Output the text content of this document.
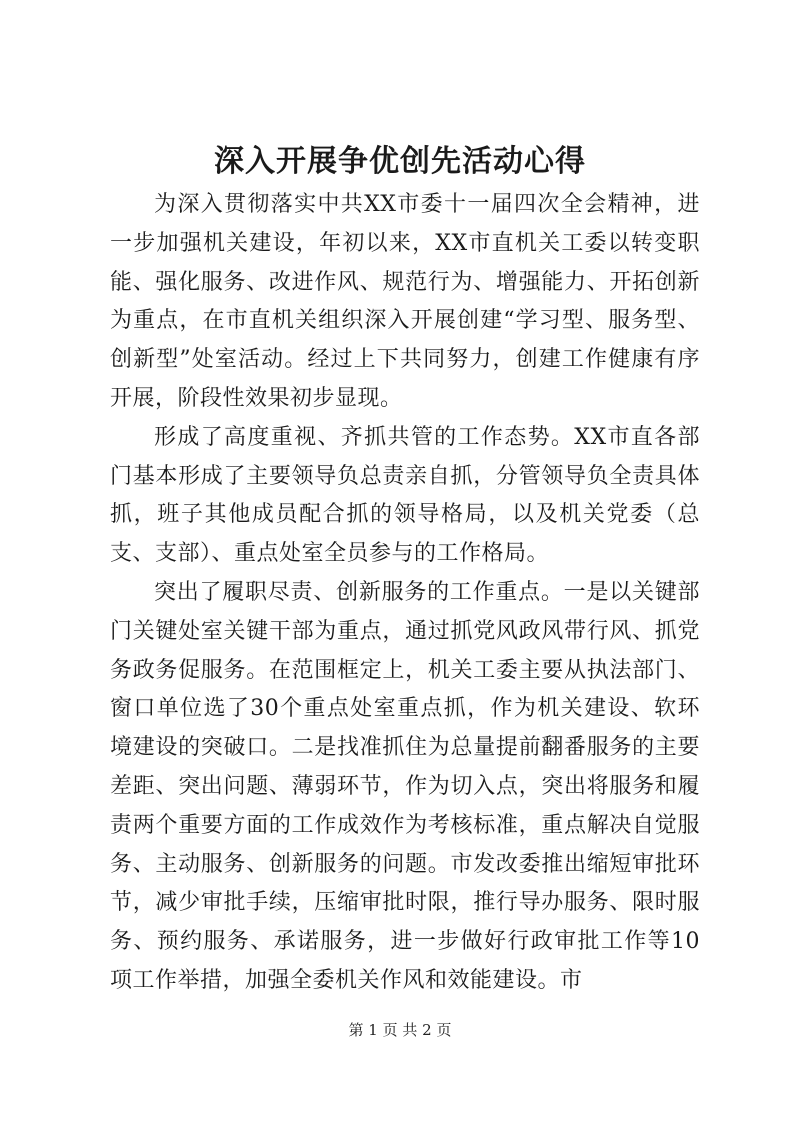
深入开展争优创先活动心得

为深入贯彻落实中共XX市委十一届四次全会精神，进一步加强机关建设，年初以来，XX市直机关工委以转变职能、强化服务、改进作风、规范行为、增强能力、开拓创新为重点，在市直机关组织深入开展创建“学习型、服务型、创新型”处室活动。经过上下共同努力，创建工作健康有序开展，阶段性效果初步显现。

形成了高度重视、齐抓共管的工作态势。XX市直各部门基本形成了主要领导负总责亲自抓，分管领导负全责具体抓，班子其他成员配合抓的领导格局，以及机关党委（总支、支部）、重点处室全员参与的工作格局。

突出了履职尽责、创新服务的工作重点。一是以关键部门关键处室关键干部为重点，通过抓党风政风带行风、抓党务政务促服务。在范围框定上，机关工委主要从执法部门、窗口单位选了30个重点处室重点抓，作为机关建设、软环境建设的突破口。二是找准抓住为总量提前翻番服务的主要差距、突出问题、薄弱环节，作为切入点，突出将服务和履责两个重要方面的工作成效作为考核标准，重点解决自觉服务、主动服务、创新服务的问题。市发改委推出缩短审批环节，减少审批手续，压缩审批时限，推行导办服务、限时服务、预约服务、承诺服务，进一步做好行政审批工作等10项工作举措，加强全委机关作风和效能建设。市

第 1 页 共 2 页
